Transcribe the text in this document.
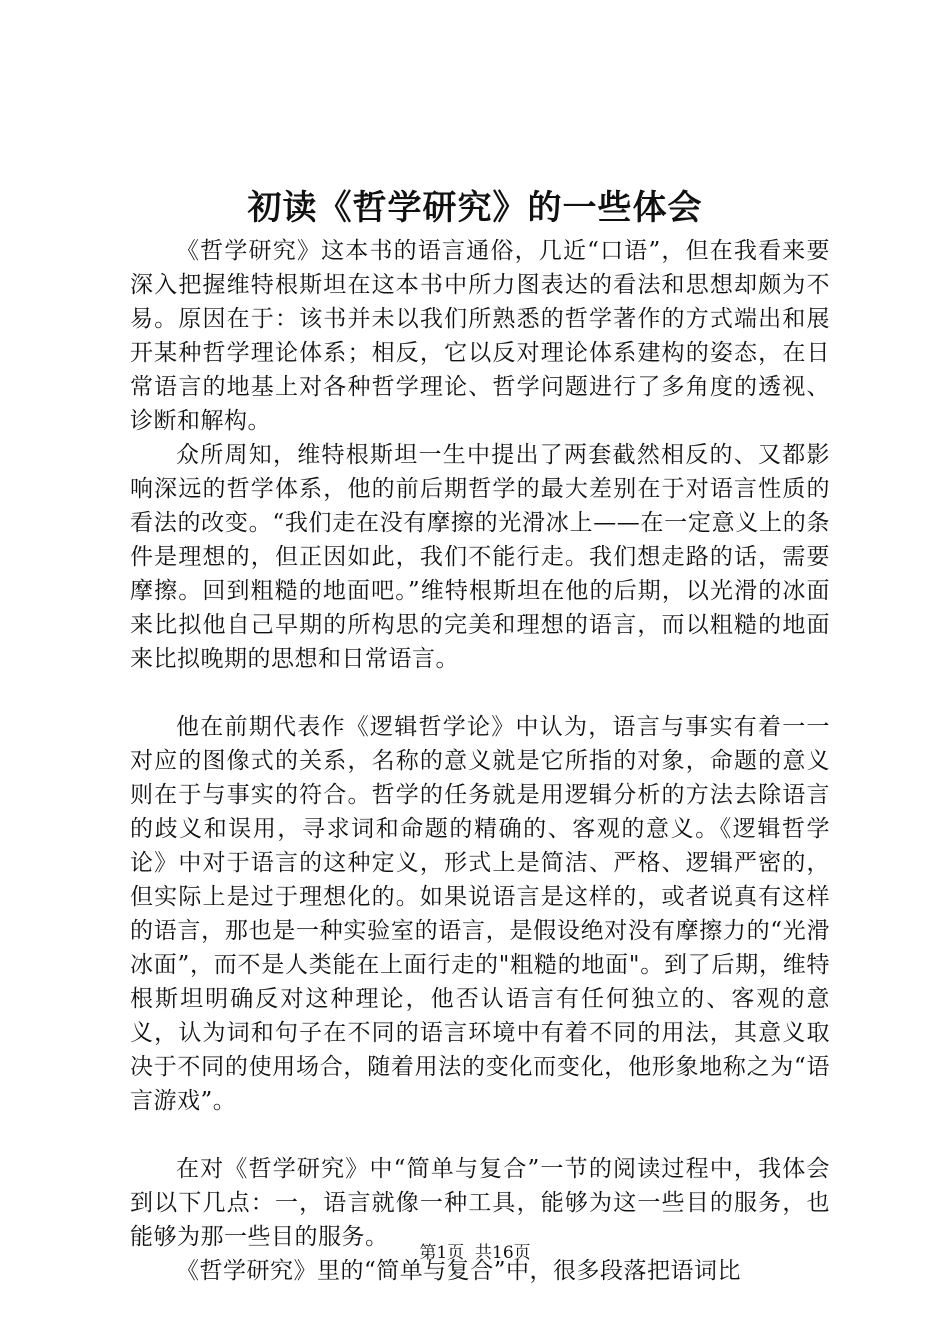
初读《哲学研究》的一些体会

《哲学研究》这本书的语言通俗，几近“口语”，但在我看来要深入把握维特根斯坦在这本书中所力图表达的看法和思想却颇为不易。原因在于：该书并未以我们所熟悉的哲学著作的方式端出和展开某种哲学理论体系；相反，它以反对理论体系建构的姿态，在日常语言的地基上对各种哲学理论、哲学问题进行了多角度的透视、诊断和解构。

众所周知，维特根斯坦一生中提出了两套截然相反的、又都影响深远的哲学体系，他的前后期哲学的最大差别在于对语言性质的看法的改变。“我们走在没有摩擦的光滑冰上——在一定意义上的条件是理想的，但正因如此，我们不能行走。我们想走路的话，需要摩擦。回到粗糙的地面吧。”维特根斯坦在他的后期，以光滑的冰面来比拟他自己早期的所构思的完美和理想的语言，而以粗糙的地面来比拟晚期的思想和日常语言。

他在前期代表作《逻辑哲学论》中认为，语言与事实有着一一对应的图像式的关系，名称的意义就是它所指的对象，命题的意义则在于与事实的符合。哲学的任务就是用逻辑分析的方法去除语言的歧义和误用，寻求词和命题的精确的、客观的意义。《逻辑哲学论》中对于语言的这种定义，形式上是简洁、严格、逻辑严密的，但实际上是过于理想化的。如果说语言是这样的，或者说真有这样的语言，那也是一种实验室的语言，是假设绝对没有摩擦力的“光滑冰面”，而不是人类能在上面行走的"粗糙的地面"。到了后期，维特根斯坦明确反对这种理论，他否认语言有任何独立的、客观的意义，认为词和句子在不同的语言环境中有着不同的用法，其意义取决于不同的使用场合，随着用法的变化而变化，他形象地称之为“语言游戏”。

在对《哲学研究》中“简单与复合”一节的阅读过程中，我体会到以下几点：一，语言就像一种工具，能够为这一些目的服务，也能够为那一些目的服务。

《哲学研究》里的“简单与复合”中，很多段落把语词比

第1页 共16页
